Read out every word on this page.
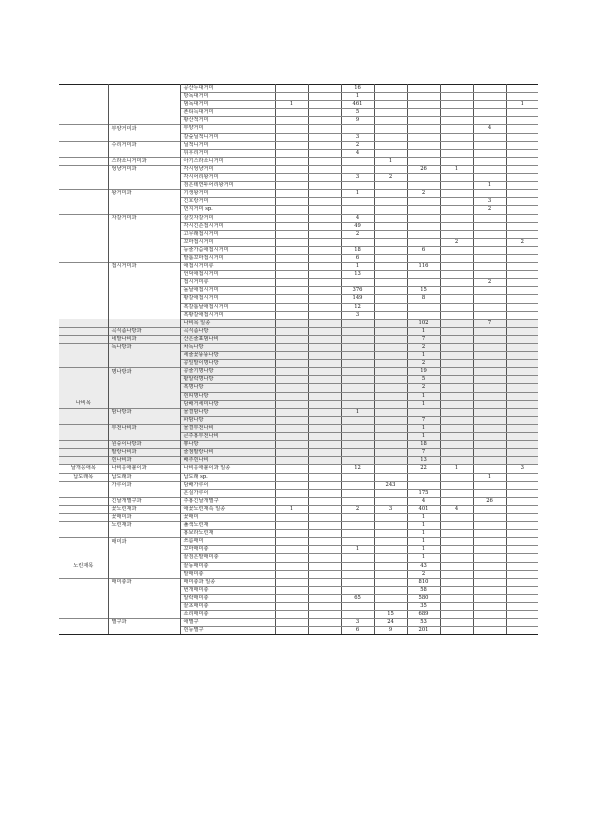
		공산누대거미			16					
		방녹대거미			1					
		범녹대거미	1		461					1
		촌티늑대거미			5					
		황산적거미			9					
	부양거미과	부양거미							4	
		갈숲닐적니거미			3					
	수리거미과	닐적니거미			2					
		뒤우리거미			4					
	스라소니거미과	아기스라소니거미				1				
	엉냥거미과	각시엉냥거미					26	1		
		각시어리왕거미			3	2				
		검은테연두어리왕거미							1	
	왕거미과	기생왕거미			1		2			
		긴호랑거미							3	
		먼지거미 sp.							2	
	자갈거미과	살깃자갈거미			4					
		각시긴손접시거미			49					
		고무래접시거미			2					
		꼬마접시거미						2		2
		등줄가슴애접시거미			18		6			
		발톱꼬마접시거미			6					
	접시거미과	애접시거미류			1		116			
		언덕애접시거미			13					
		접시거미류							2	
		돌날애접시거미			376		15			
		황갈애접시거미			149		8			
		흑갈톱날애접시거미			12					
		흑황갈애접시거미			3					
		나비목 일종					102		7	
	곡식좀나방과	곡식좀나방					1			
	네발나비과	산은줄표범나비					7			
	독나방과	차독나방					2			
		세줄꽃뚱뚱나방					1			
		콩잎말이명나방					2			
	명나방과	콩줄기명나방					19			
		팥알락명나방					5			
		흑명나방					2			
		흰띠명나방					1			
나비목		담배거세미나방					1			
	밤나방과	물결밤나방			1					
		파밤나방					7			
	부전나비과	물결부전나비					1			
		큰주홍부전나비					1			
	원숭이나방과	뽕나방					18			
	팔랑나비과	줄점팔랑나비					7			
	흰나비과	배추흰나비					13			
날개응애목	나비응애붙이과	나비응애붙이과 일종			12		22	1		3
납도래목	납도래과	납도래 sp.							1	
	가루이과	담배가루이				243				
		온실가루이					175			
	긴날개멸구과	주홍긴날개멸구					4		26	
	꽃노린재과	애꽃노린재속 일종	1		2	3	401	4		
	꽃매미과	꽃매미					1			
	노린재과	풀색노린재					1			
		홍보라노린재					1			
	매미과	쓰름매미					1			
		꼬마매미충			1		1			
		끝검은말매미충					1			
노린재목		끝동매미충					43			
		말매미충					2			
	매미충과	매미충과 일종					810			
		번개매미충					58			
		알락매미충			65		580			
		끝초매미충					35			
		소리매미충				15	689			
	멸구과	애멸구			3	24	53			
		흰등멸구			6	9	201			
